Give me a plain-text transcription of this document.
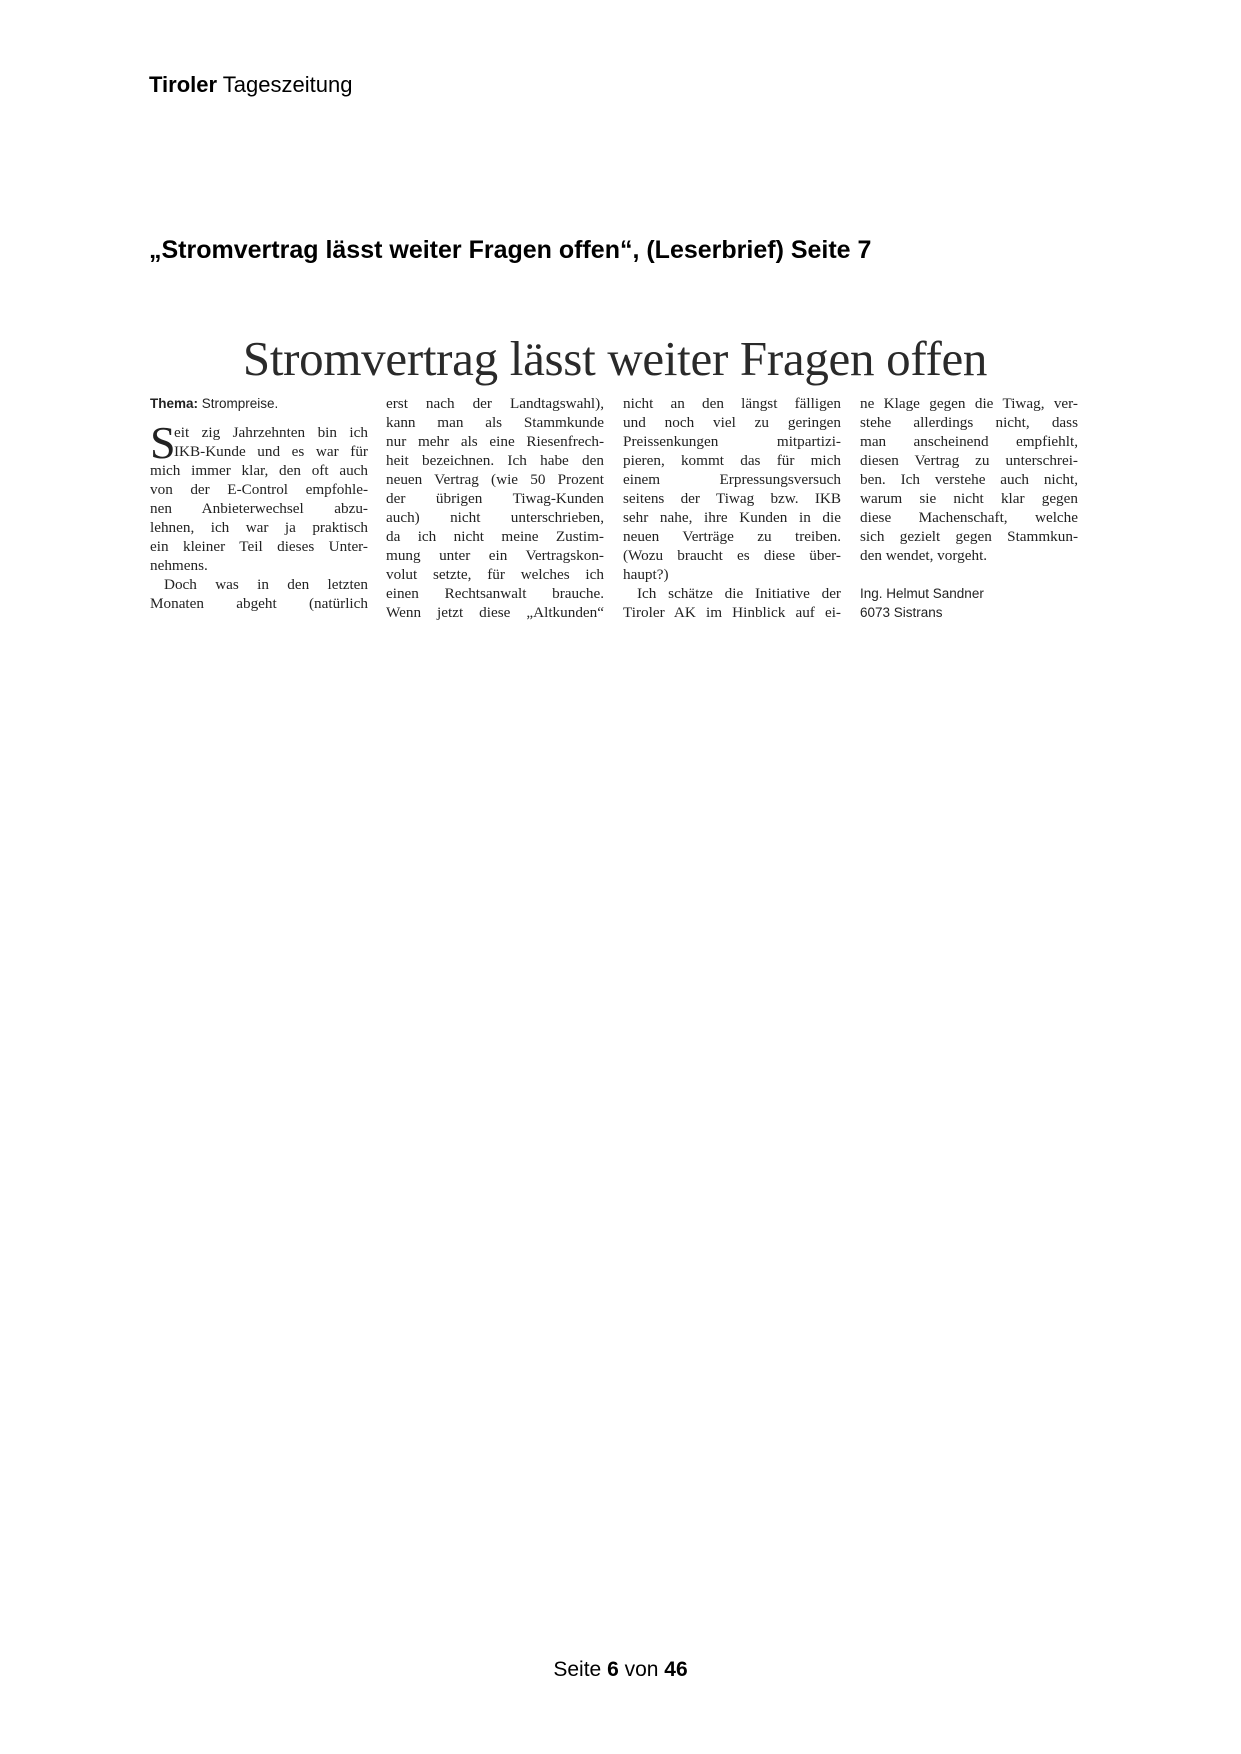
Tiroler Tageszeitung
„Stromvertrag lässt weiter Fragen offen“, (Leserbrief) Seite 7
Stromvertrag lässt weiter Fragen offen
Thema: Strompreise.
S
eit zig Jahrzehnten bin ich
IKB-Kunde und es war für
mich immer klar, den oft auch
von der E-Control empfohle-
nen Anbieterwechsel abzu-
lehnen, ich war ja praktisch
ein kleiner Teil dieses Unter-
nehmens.
Doch was in den letzten
Monaten abgeht (natürlich
erst nach der Landtagswahl),
kann man als Stammkunde
nur mehr als eine Riesenfrech-
heit bezeichnen. Ich habe den
neuen Vertrag (wie 50 Prozent
der übrigen Tiwag-Kunden
auch) nicht unterschrieben,
da ich nicht meine Zustim-
mung unter ein Vertragskon-
volut setzte, für welches ich
einen Rechtsanwalt brauche.
Wenn jetzt diese „Altkunden“
nicht an den längst fälligen
und noch viel zu geringen
Preissenkungen mitpartizi-
pieren, kommt das für mich
einem Erpressungsversuch
seitens der Tiwag bzw. IKB
sehr nahe, ihre Kunden in die
neuen Verträge zu treiben.
(Wozu braucht es diese über-
haupt?)
Ich schätze die Initiative der
Tiroler AK im Hinblick auf ei-
ne Klage gegen die Tiwag, ver-
stehe allerdings nicht, dass
man anscheinend empfiehlt,
diesen Vertrag zu unterschrei-
ben. Ich verstehe auch nicht,
warum sie nicht klar gegen
diese Machenschaft, welche
sich gezielt gegen Stammkun-
den wendet, vorgeht.
Ing. Helmut Sandner
6073 Sistrans
Seite 6 von 46
